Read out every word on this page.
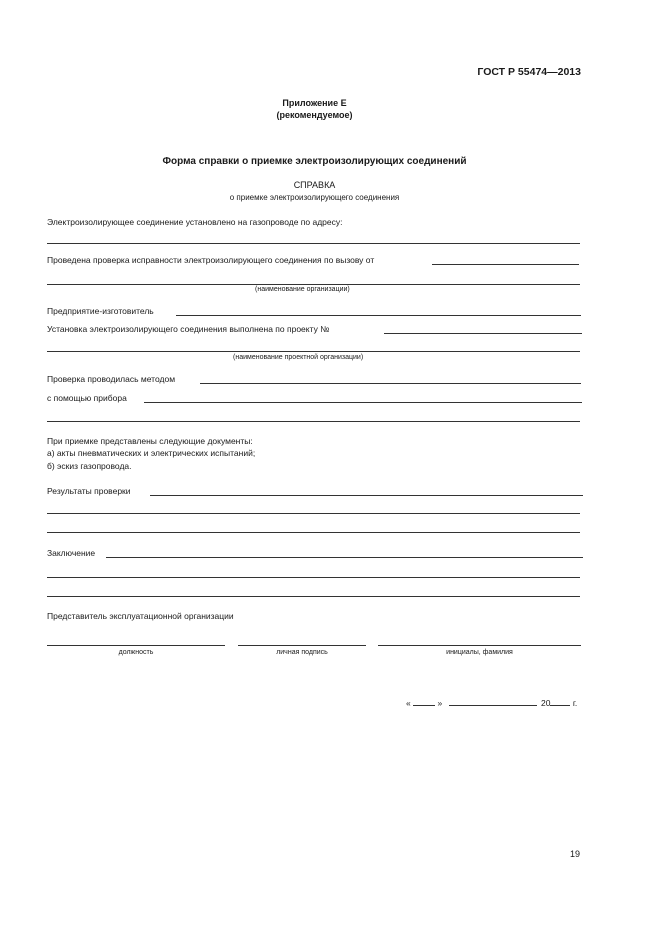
ГОСТ Р 55474—2013
Приложение Е
(рекомендуемое)
Форма справки о приемке электроизолирующих соединений
СПРАВКА
о приемке электроизолирующего соединения
Электроизолирующее соединение установлено на газопроводе по адресу:
Проведена проверка исправности электроизолирующего соединения по вызову от
(наименование организации)
Предприятие-изготовитель
Установка электроизолирующего соединения выполнена по проекту №
(наименование проектной организации)
Проверка проводилась методом
с помощью прибора
При приемке представлены следующие документы:
а) акты пневматических и электрических испытаний;
б) эскиз газопровода.
Результаты проверки
Заключение
Представитель эксплуатационной организации
должность	личная подпись	инициалы, фамилия
«	»	20	г.
19
